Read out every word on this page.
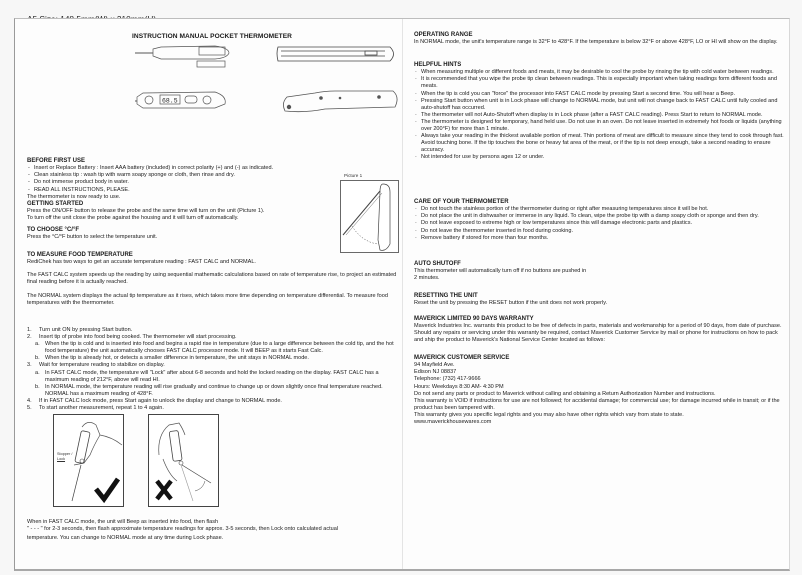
INSTRUCTION MANUAL POCKET THERMOMETER
68.5
BEFORE FIRST USE
- Insert or Replace Battery : Insert AAA battery (included) in correct polarity (+) and (-) as indicated.
- Clean stainless tip : wash tip with warm soapy sponge or cloth, then rinse and dry.
- Do not immerse product body in water.
- READ ALL INSTRUCTIONS, PLEASE.

The thermometer is now ready to use.

Picture 1
GETTING STARTED

Press the ON/OFF button to release the probe and the same time will turn on the unit (Picture 1).

To turn off the unit close the probe against the housing and it will turn off automatically.

TO CHOOSE °C/°F

Press the °C/°F button to select the temperature unit.

TO MEASURE FOOD TEMPERATURE

RediChek has two ways to get an accurate temperature reading : FAST CALC and NORMAL.

The FAST CALC system speeds up the reading by using sequential mathematic calculations based on rate of temperature rise, to project an estimated final reading before it is actually reached.

The NORMAL system displays the actual tip temperature as it rises, which takes more time depending on temperature differential. To measure food temperatures with the thermometer.

1. Turn unit ON by pressing Start button.
2. Insert tip of probe into food being cooked. The thermometer will start processing.
a. When the tip is cold and is inserted into food and begins a rapid rise in temperature (due to a large difference between the cold tip, and the hot food temperature) the unit automatically chooses FAST CALC processor mode. It will BEEP as it starts Fast Calc.
b. When the tip is already hot, or detects a smaller difference in temperature, the unit stays in NORMAL mode.
3. Wait for temperature reading to stabilize on display.
a. In FAST CALC mode, the temperature will "Lock" after about 6-8 seconds and hold the locked reading on the display. FAST CALC has a maximum reading of 212°F, above will read HI.
b. In NORMAL mode, the temperature reading will rise gradually and continue to change up or down slightly once final temperature reached. NORMAL has a maximum reading of 428°F.
4. If in FAST CALC lock mode, press Start again to unlock the display and change to NORMAL mode.
5. To start another measurement, repeat 1 to 4 again.
Stopper /
Lock

When in FAST CALC mode, the unit will Beep as inserted into food, then flash

" - - - " for 2-3 seconds, then flash approximate temperature readings for approx. 3-5 seconds, then Lock onto calculated actual

temperature. You can change to NORMAL mode at any time during Lock phase.

OPERATING RANGE

In NORMAL mode, the unit's temperature range is 32°F to 428°F. If the temperature is below 32°F or above 428°F, LO or HI will show on the display.

HELPFUL HINTS
· When measuring multiple or different foods and meats, it may be desirable to cool the probe by rinsing the tip with cold water between readings.
· It is recommended that you wipe the probe tip clean between readings. This is especially important when taking readings form different foods and meats.
· When the tip is cold you can "force" the processor into FAST CALC mode by pressing Start a second time. You will hear a Beep.
· Pressing Start button when unit is in Lock phase will change to NORMAL mode, but unit will not change back to FAST CALC until fully cooled and auto-shutoff has occurred.
· The thermometer will not Auto-Shutoff when display is in Lock phase (after a FAST CALC reading). Press Start to return to NORMAL mode.
· The thermometer is designed for temporary, hand held use. Do not use in an oven. Do not leave inserted in extremely hot foods or liquids (anything over 200°F) for more than 1 minute.
· Always take your reading in the thickest available portion of meat. Thin portions of meat are difficult to measure since they tend to cook through fast. Avoid touching bone. If the tip touches the bone or heavy fat area of the meat, or if the tip is not deep enough, take a second reading to ensure accuracy.
· Not intended for use by persons ages 12 or under.
CARE OF YOUR THERMOMETER
· Do not touch the stainless portion of the thermometer during or right after measuring temperatures since it will be hot.
· Do not place the unit in dishwasher or immerse in any liquid. To clean, wipe the probe tip with a damp soapy cloth or sponge and then dry.
· Do not leave exposed to extreme high or low temperatures since this will damage electronic parts and plastics.
· Do not leave the thermometer inserted in food during cooking.
· Remove battery if stored for more than four months.
AUTO SHUTOFF

This thermometer will automatically turn off if no buttons are pushed in

2 minutes.

RESETTING THE UNIT

Reset the unit by pressing the RESET button if the unit does not work properly.

MAVERICK LIMITED 90 DAYS WARRANTY

Maverick Industries Inc. warrants this product to be free of defects in parts, materials and workmanship for a period of 90 days, from date of purchase. Should any repairs or servicing under this warranty be required, contact Maverick Customer Service by mail or phone for instructions on how to pack and ship the product to Maverick's National Service Center located as follows:

MAVERICK CUSTOMER SERVICE

94 Mayfield Ave.

Edison NJ 08837

Telephone: (732) 417-9666

Hours: Weekdays 8:30 AM- 4:30 PM

Do not send any parts or product to Maverick without calling and obtaining a Return Authorization Number and instructions.

This warranty is VOID if instructions for use are not followed; for accidental damage; for commercial use; for damage incurred while in transit; or if the product has been tampered with.

This warranty gives you specific legal rights and you may also have other rights which vary from state to state.

www.maverickhousewares.com
